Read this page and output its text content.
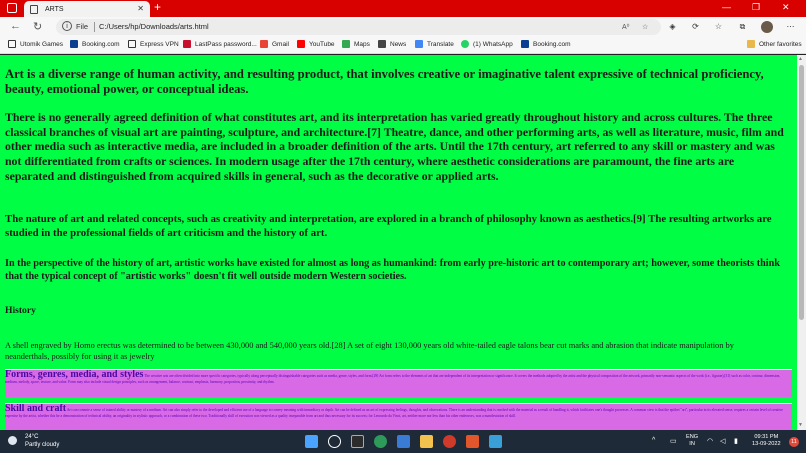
ARTS	✕ +	— ❐ ✕
← ↻	i	File C:/Users/hp/Downloads/arts.html	A⁰ ☆	◈	⟳ ☆	⧉	⋯
Utomik Games	Booking.com	Express VPN	LastPass password... Gmail	YouTube	Maps	News	Translate	(1) WhatsApp	Booking.com	Other favorites
Art is a diverse range of human activity, and resulting product, that involves creative or imaginative talent expressive of technical proficiency, beauty, emotional power, or conceptual ideas.
There is no generally agreed definition of what constitutes art, and its interpretation has varied greatly throughout history and across cultures. The three classical branches of visual art are painting, sculpture, and architecture.[7] Theatre, dance, and other performing arts, as well as literature, music, film and other media such as interactive media, are included in a broader definition of the arts. Until the 17th century, art referred to any skill or mastery and was not differentiated from crafts or sciences. In modern usage after the 17th century, where aesthetic considerations are paramount, the fine arts are separated and distinguished from acquired skills in general, such as the decorative or applied arts.
The nature of art and related concepts, such as creativity and interpretation, are explored in a branch of philosophy known as aesthetics.[9] The resulting artworks are studied in the professional fields of art criticism and the history of art.
In the perspective of the history of art, artistic works have existed for almost as long as humankind: from early pre-historic art to contemporary art; however, some theorists think that the typical concept of "artistic works" doesn't fit well outside modern Western societies.
History
A shell engraved by Homo erectus was determined to be between 430,000 and 540,000 years old.[28] A set of eight 130,000 years old white-tailed eagle talons bear cut marks and abrasion that indicate manipulation by neanderthals, possibly for using it as jewelry
Forms, genres, media, and styles The creative arts are often divided into more specific categories, typically along perceptually distinguishable categories such as media, genre, styles, and form.[29] Art form refers to the elements of art that are independent of its interpretation or significance. It covers the methods adopted by the artist and the physical composition of the artwork, primarily non-semantic aspects of the work (i.e., figurae),[31] such as color, contour, dimension, medium, melody, space, texture, and value. Form may also include visual design principles, such as arrangement, balance, contrast, emphasis, harmony, proportion, proximity, and rhythm.
Skill and craft Art can connote a sense of trained ability or mastery of a medium. Art can also simply refer to the developed and efficient use of a language to convey meaning with immediacy or depth. Art can be defined as an act of expressing feelings, thoughts, and observations. There is an understanding that is reached with the material as a result of handling it, which facilitates one's thought processes. A common view is that the epithet "art", particular in its elevated sense, requires a certain level of creative expertise by the artist, whether this be a demonstration of technical ability, an originality in stylistic approach, or a combination of these two. Traditionally skill of execution was viewed as a quality inseparable from art and thus necessary for its success; for Leonardo da Vinci, art, neither more nor less than his other endeavors, was a manifestation of skill.
▲
▼
24°C
Partly cloudy
^ ▭
ENG
IN	◠ ◁ ▮
09:31 PM
13-09-2022	11
